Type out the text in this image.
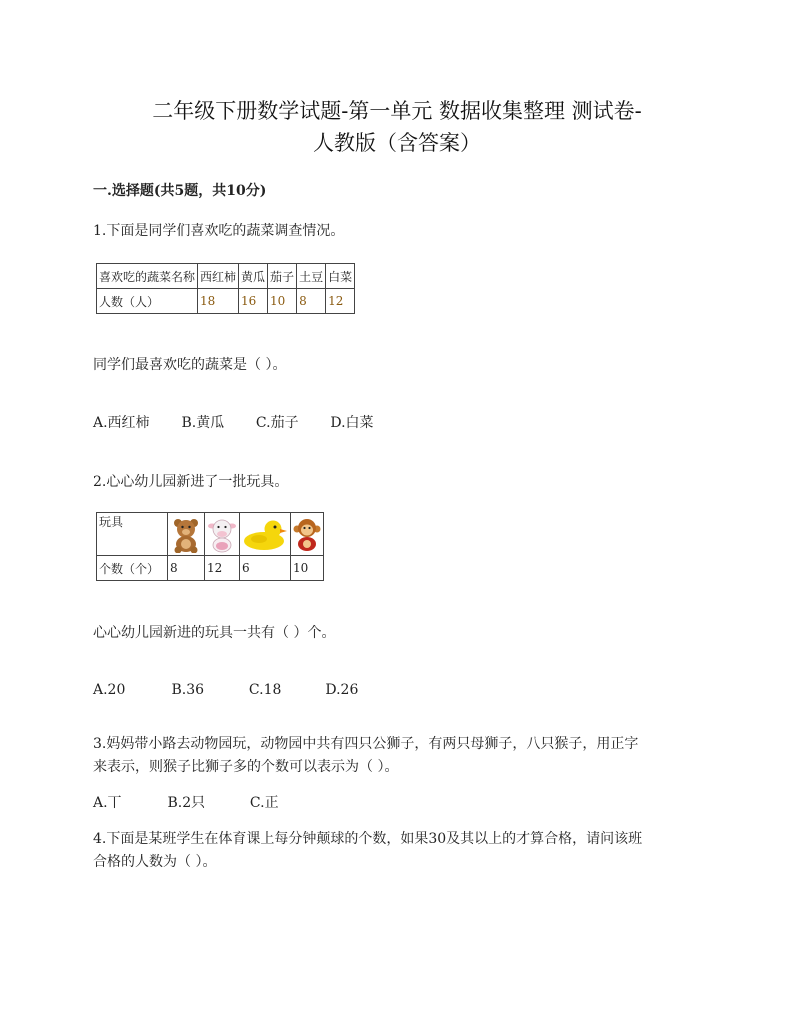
二年级下册数学试题-第一单元 数据收集整理 测试卷-
人教版（含答案）
一.选择题(共5题，共10分)
1.下面是同学们喜欢吃的蔬菜调查情况。
喜欢吃的蔬菜名称	西红柿	黄瓜	茄子	土豆	白菜
人数（人）	18	16	10	8	12
同学们最喜欢吃的蔬菜是（ ）。
A.西红柿 B.黄瓜 C.茄子 D.白菜
2.心心幼儿园新进了一批玩具。
玩具	

个数（个）	8	12	6	10
心心幼儿园新进的玩具一共有（ ）个。
A.20	B.36	C.18	D.26
3.妈妈带小路去动物园玩，动物园中共有四只公狮子，有两只母狮子，八只猴子，用正字
来表示，则猴子比狮子多的个数可以表示为（ ）。
A.丅	B.2只	C.正
4.下面是某班学生在体育课上每分钟颠球的个数，如果30及其以上的才算合格，请问该班
合格的人数为（ ）。
